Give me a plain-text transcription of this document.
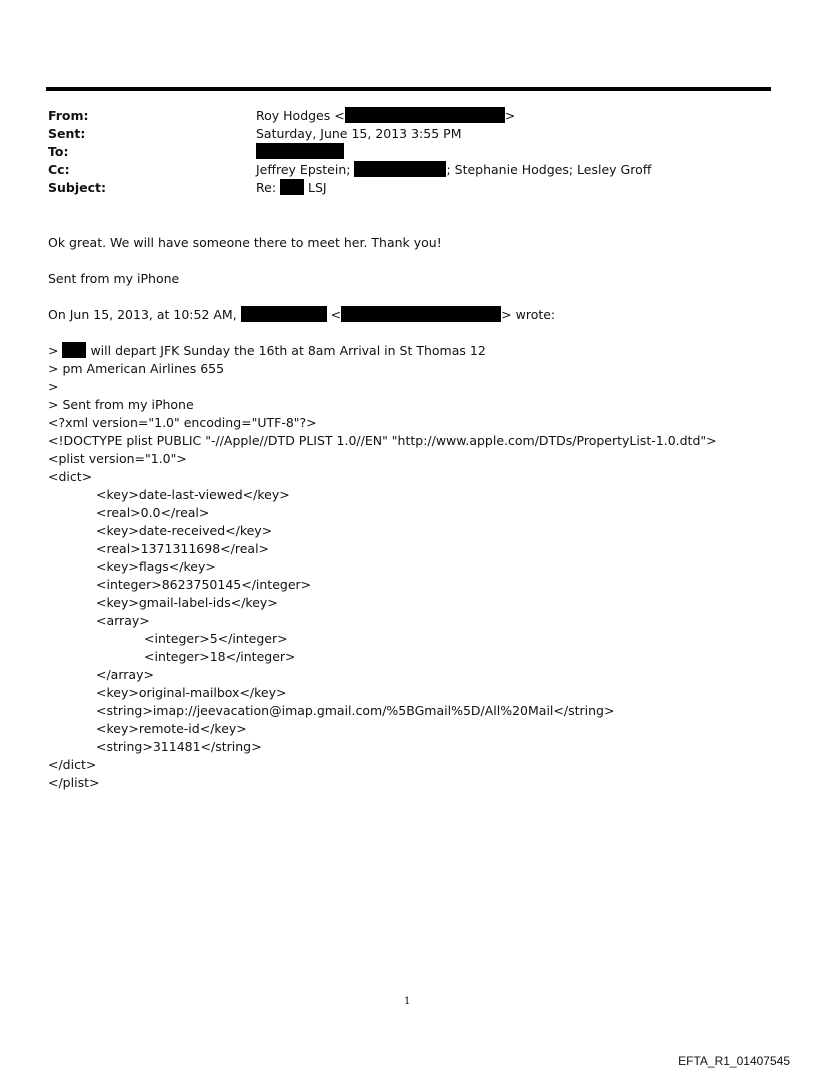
From:	Roy Hodges <	>
Sent:	Saturday, June 15, 2013 3:55 PM
To:
Cc:	Jeffrey Epstein;	; Stephanie Hodges; Lesley Groff
Subject:	Re:	LSJ
Ok great. We will have someone there to meet her. Thank you!
Sent from my iPhone
On Jun 15, 2013, at 10:52 AM,	<	> wrote:
>	will depart JFK Sunday the 16th at 8am Arrival in St Thomas 12
> pm American Airlines 655
>
> Sent from my iPhone
<?xml version="1.0" encoding="UTF-8"?>
<!DOCTYPE plist PUBLIC "-//Apple//DTD PLIST 1.0//EN" "http://www.apple.com/DTDs/PropertyList-1.0.dtd">
<plist version="1.0">
<dict>
<key>date-last-viewed</key>
<real>0.0</real>
<key>date-received</key>
<real>1371311698</real>
<key>flags</key>
<integer>8623750145</integer>
<key>gmail-label-ids</key>
<array>
<integer>5</integer>
<integer>18</integer>
</array>
<key>original-mailbox</key>
<string>imap://jeevacation@imap.gmail.com/%5BGmail%5D/All%20Mail</string>
<key>remote-id</key>
<string>311481</string>
</dict>
</plist>
1
EFTA_R1_01407545
